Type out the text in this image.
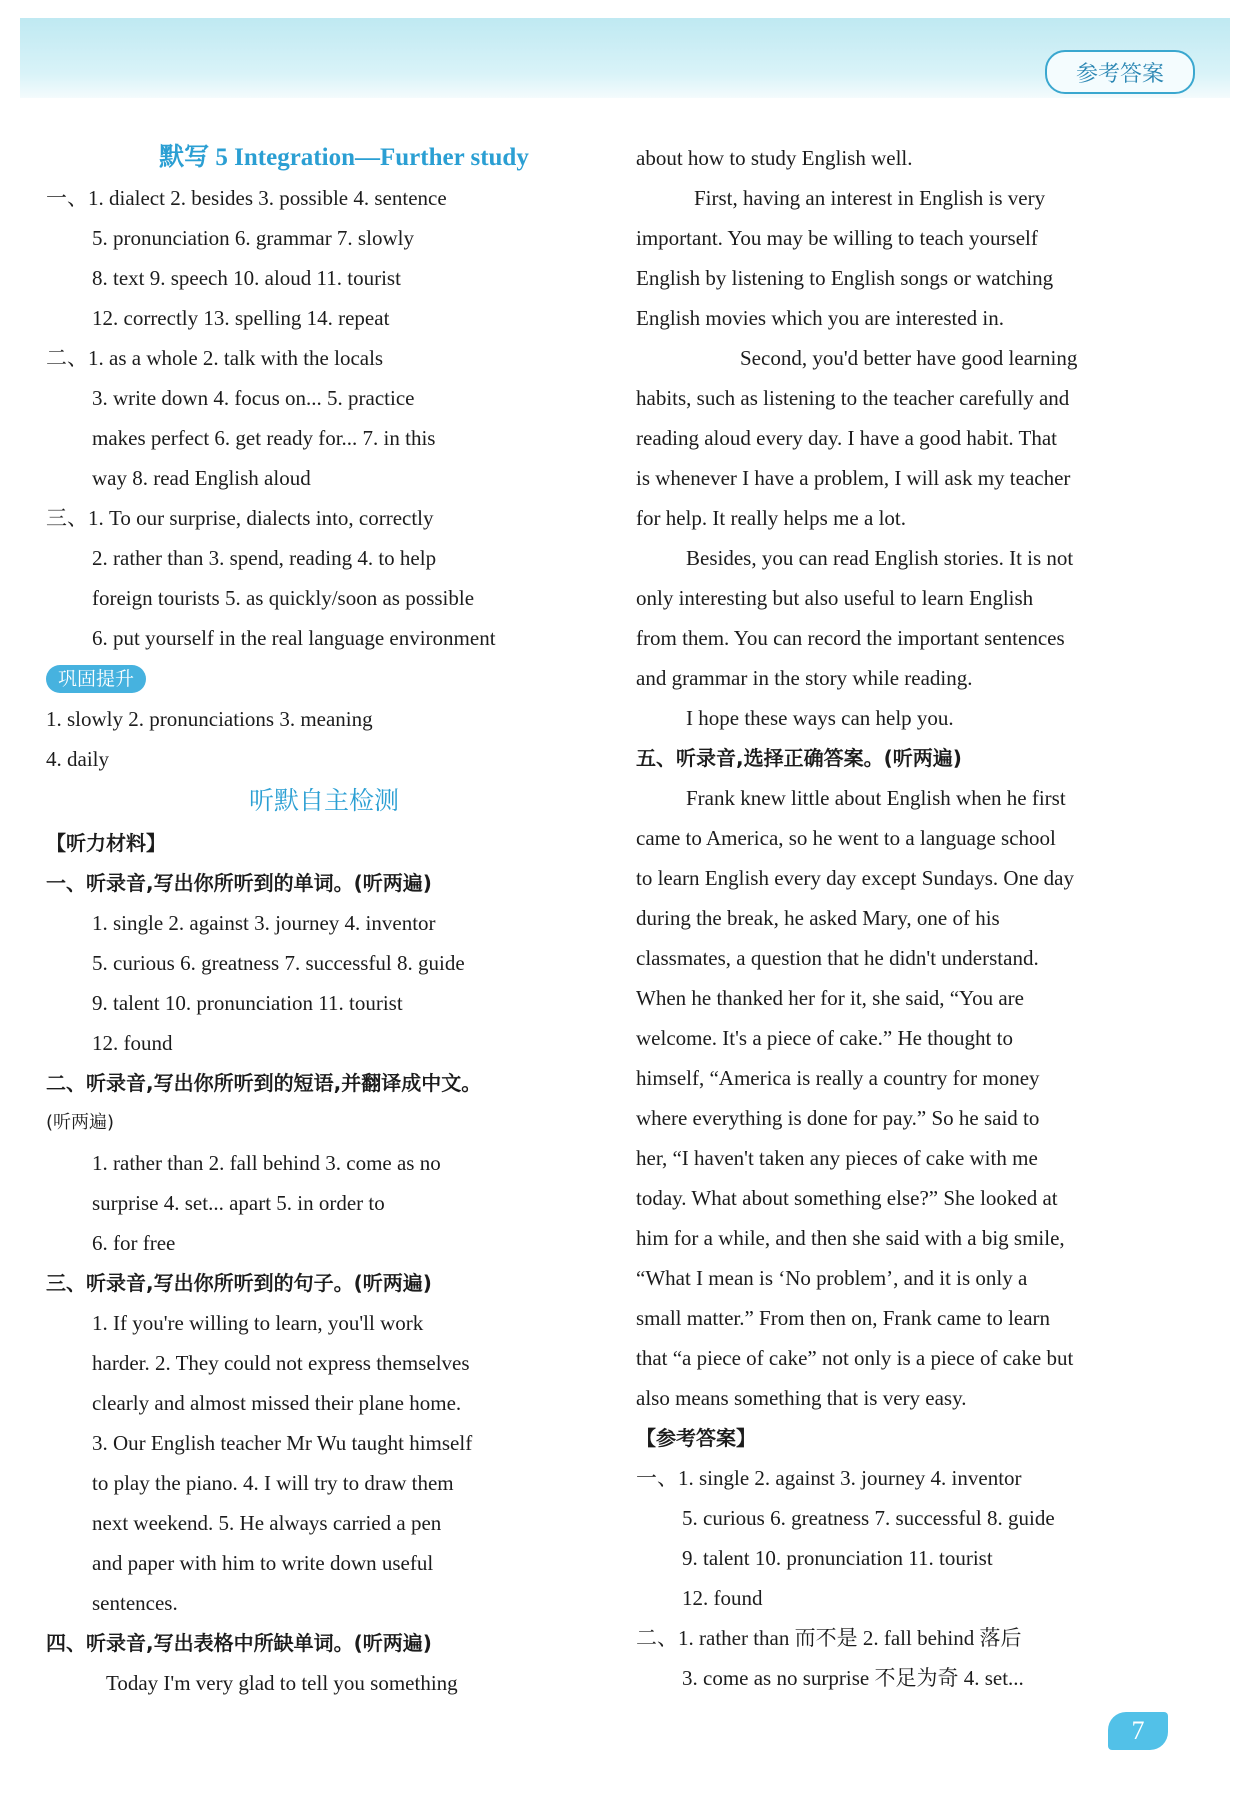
参考答案
默写 5 Integration—Further study
一、1. dialect 2. besides 3. possible 4. sentence
5. pronunciation 6. grammar 7. slowly
8. text 9. speech 10. aloud 11. tourist
12. correctly 13. spelling 14. repeat
二、1. as a whole 2. talk with the locals
3. write down 4. focus on... 5. practice
makes perfect 6. get ready for... 7. in this
way 8. read English aloud
三、1. To our surprise, dialects into, correctly
2. rather than 3. spend, reading 4. to help
foreign tourists 5. as quickly/soon as possible
6. put yourself in the real language environment
巩固提升
1. slowly 2. pronunciations 3. meaning
4. daily
听默自主检测
【听力材料】
一、听录音,写出你所听到的单词。(听两遍)
1. single 2. against 3. journey 4. inventor
5. curious 6. greatness 7. successful 8. guide
9. talent 10. pronunciation 11. tourist
12. found
二、听录音,写出你所听到的短语,并翻译成中文。
(听两遍)
1. rather than 2. fall behind 3. come as no
surprise 4. set... apart 5. in order to
6. for free
三、听录音,写出你所听到的句子。(听两遍)
1. If you're willing to learn, you'll work
harder. 2. They could not express themselves
clearly and almost missed their plane home.
3. Our English teacher Mr Wu taught himself
to play the piano. 4. I will try to draw them
next weekend. 5. He always carried a pen
and paper with him to write down useful
sentences.
四、听录音,写出表格中所缺单词。(听两遍)
Today I'm very glad to tell you something
about how to study English well.
First, having an interest in English is very
important. You may be willing to teach yourself
English by listening to English songs or watching
English movies which you are interested in.
Second, you'd better have good learning
habits, such as listening to the teacher carefully and
reading aloud every day. I have a good habit. That
is whenever I have a problem, I will ask my teacher
for help. It really helps me a lot.
Besides, you can read English stories. It is not
only interesting but also useful to learn English
from them. You can record the important sentences
and grammar in the story while reading.
I hope these ways can help you.
五、听录音,选择正确答案。(听两遍)
Frank knew little about English when he first
came to America, so he went to a language school
to learn English every day except Sundays. One day
during the break, he asked Mary, one of his
classmates, a question that he didn't understand.
When he thanked her for it, she said, “You are
welcome. It's a piece of cake.” He thought to
himself, “America is really a country for money
where everything is done for pay.” So he said to
her, “I haven't taken any pieces of cake with me
today. What about something else?” She looked at
him for a while, and then she said with a big smile,
“What I mean is ‘No problem’, and it is only a
small matter.” From then on, Frank came to learn
that “a piece of cake” not only is a piece of cake but
also means something that is very easy.
【参考答案】
一、1. single 2. against 3. journey 4. inventor
5. curious 6. greatness 7. successful 8. guide
9. talent 10. pronunciation 11. tourist
12. found
二、1. rather than 而不是 2. fall behind 落后
3. come as no surprise 不足为奇 4. set...
7
